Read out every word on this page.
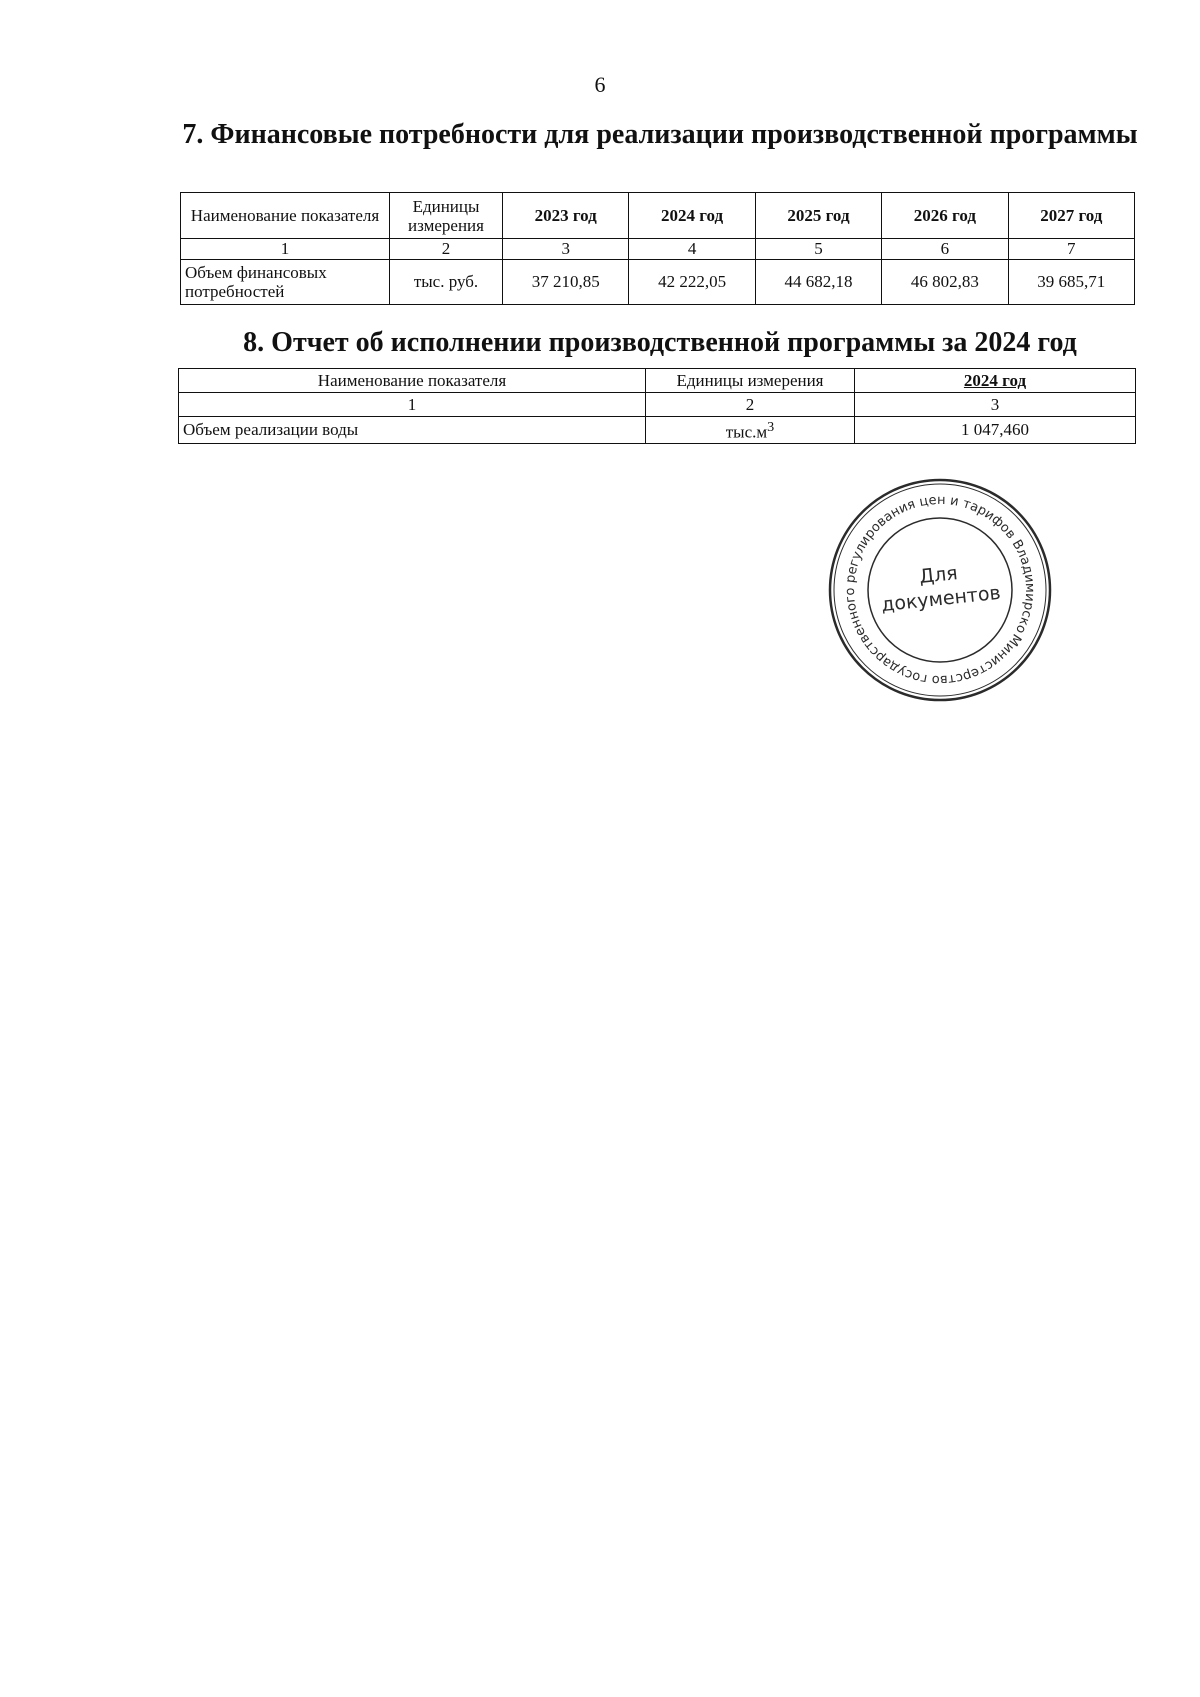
6
7. Финансовые потребности для реализации производственной программы
Наименование показателя	Единицы измерения	2023 год	2024 год	2025 год	2026 год	2027 год
1	2	3	4	5	6	7
Объем финансовых потребностей	тыс. руб.	37 210,85	42 222,05	44 682,18	46 802,83	39 685,71
8. Отчет об исполнении производственной программы за 2024 год
Наименование показателя	Единицы измерения	2024 год
1	2	3
Объем реализации воды	$тыс.м^3$	1 047,460
Министерство государственного регулирования цен и тарифов Владимирско
Для
документов
